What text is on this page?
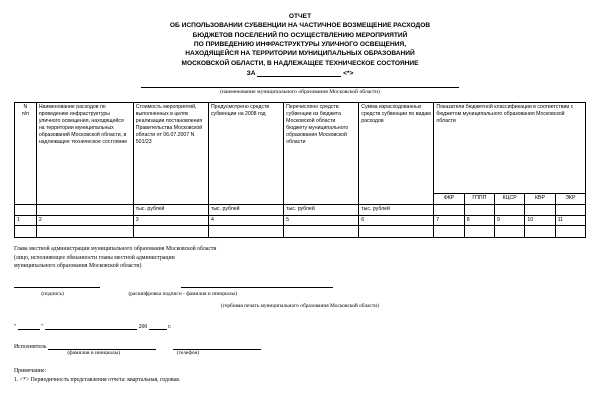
ОТЧЕТ
ОБ ИСПОЛЬЗОВАНИИ СУБВЕНЦИИ НА ЧАСТИЧНОЕ ВОЗМЕЩЕНИЕ РАСХОДОВ
БЮДЖЕТОВ ПОСЕЛЕНИЙ ПО ОСУЩЕСТВЛЕНИЮ МЕРОПРИЯТИЙ
ПО ПРИВЕДЕНИЮ ИНФРАСТРУКТУРЫ УЛИЧНОГО ОСВЕЩЕНИЯ,
НАХОДЯЩЕЙСЯ НА ТЕРРИТОРИИ МУНИЦИПАЛЬНЫХ ОБРАЗОВАНИЙ
МОСКОВСКОЙ ОБЛАСТИ, В НАДЛЕЖАЩЕЕ ТЕХНИЧЕСКОЕ СОСТОЯНИЕ
ЗА	<*>
(наименование муниципального образования Московской области)
N
п/п	Наименование расходов по проведению инфраструктуры уличного освещения, находящейся на территории муниципальных образований Московской области, в надлежащее техническое состояние	Стоимость мероприятий, выполненных в целях реализации постановления Правительства Московской области от 06.07.2007 N 501/23	Предусмотрено средств субвенции на 2008 год	Перечислено средств субвенции из бюджета Московской области бюджету муниципального образования Московской области	Сумма израсходованных средств субвенции по видам расходов	Показатели бюджетной классификации в соответствии с бюджетом муниципального образования Московской области				
						ФКР	ГППП	КЦСР	КВР	ЭКР
		тыс. рублей	тыс. рублей	тыс. рублей	тыс. рублей					
1	2	3	4	5	6	7	8	9	10	11

Глава местной администрации муниципального образования Московской области
(лицо, исполняющее обязанности главы местной администрации
муниципального образования Московской области)

(подпись)	(расшифровка подписи - фамилия и инициалы)
(гербовая печать муниципального образования Московской области)
"	"	200	г.
Исполнитель
(фамилия и инициалы)	(телефон)
Примечание:
1. <*> Периодичность представления отчета: квартальная, годовая.
